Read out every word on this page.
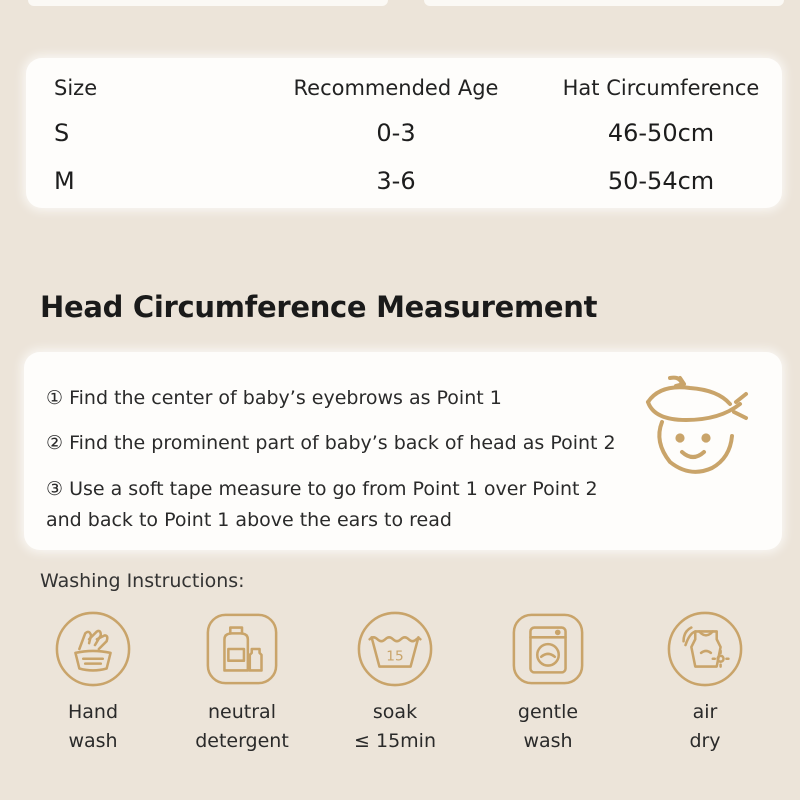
Size	Recommended Age	Hat Circumference
S	0-3	46-50cm
M	3-6	50-54cm
Head Circumference Measurement
① Find the center of baby’s eyebrows as Point 1
② Find the prominent part of baby’s back of head as Point 2
③ Use a soft tape measure to go from Point 1 over Point 2
and back to Point 1 above the ears to read
Washing Instructions:
Hand
wash
neutral
detergent
15
soak
≤ 15min
gentle
wash
air
dry
